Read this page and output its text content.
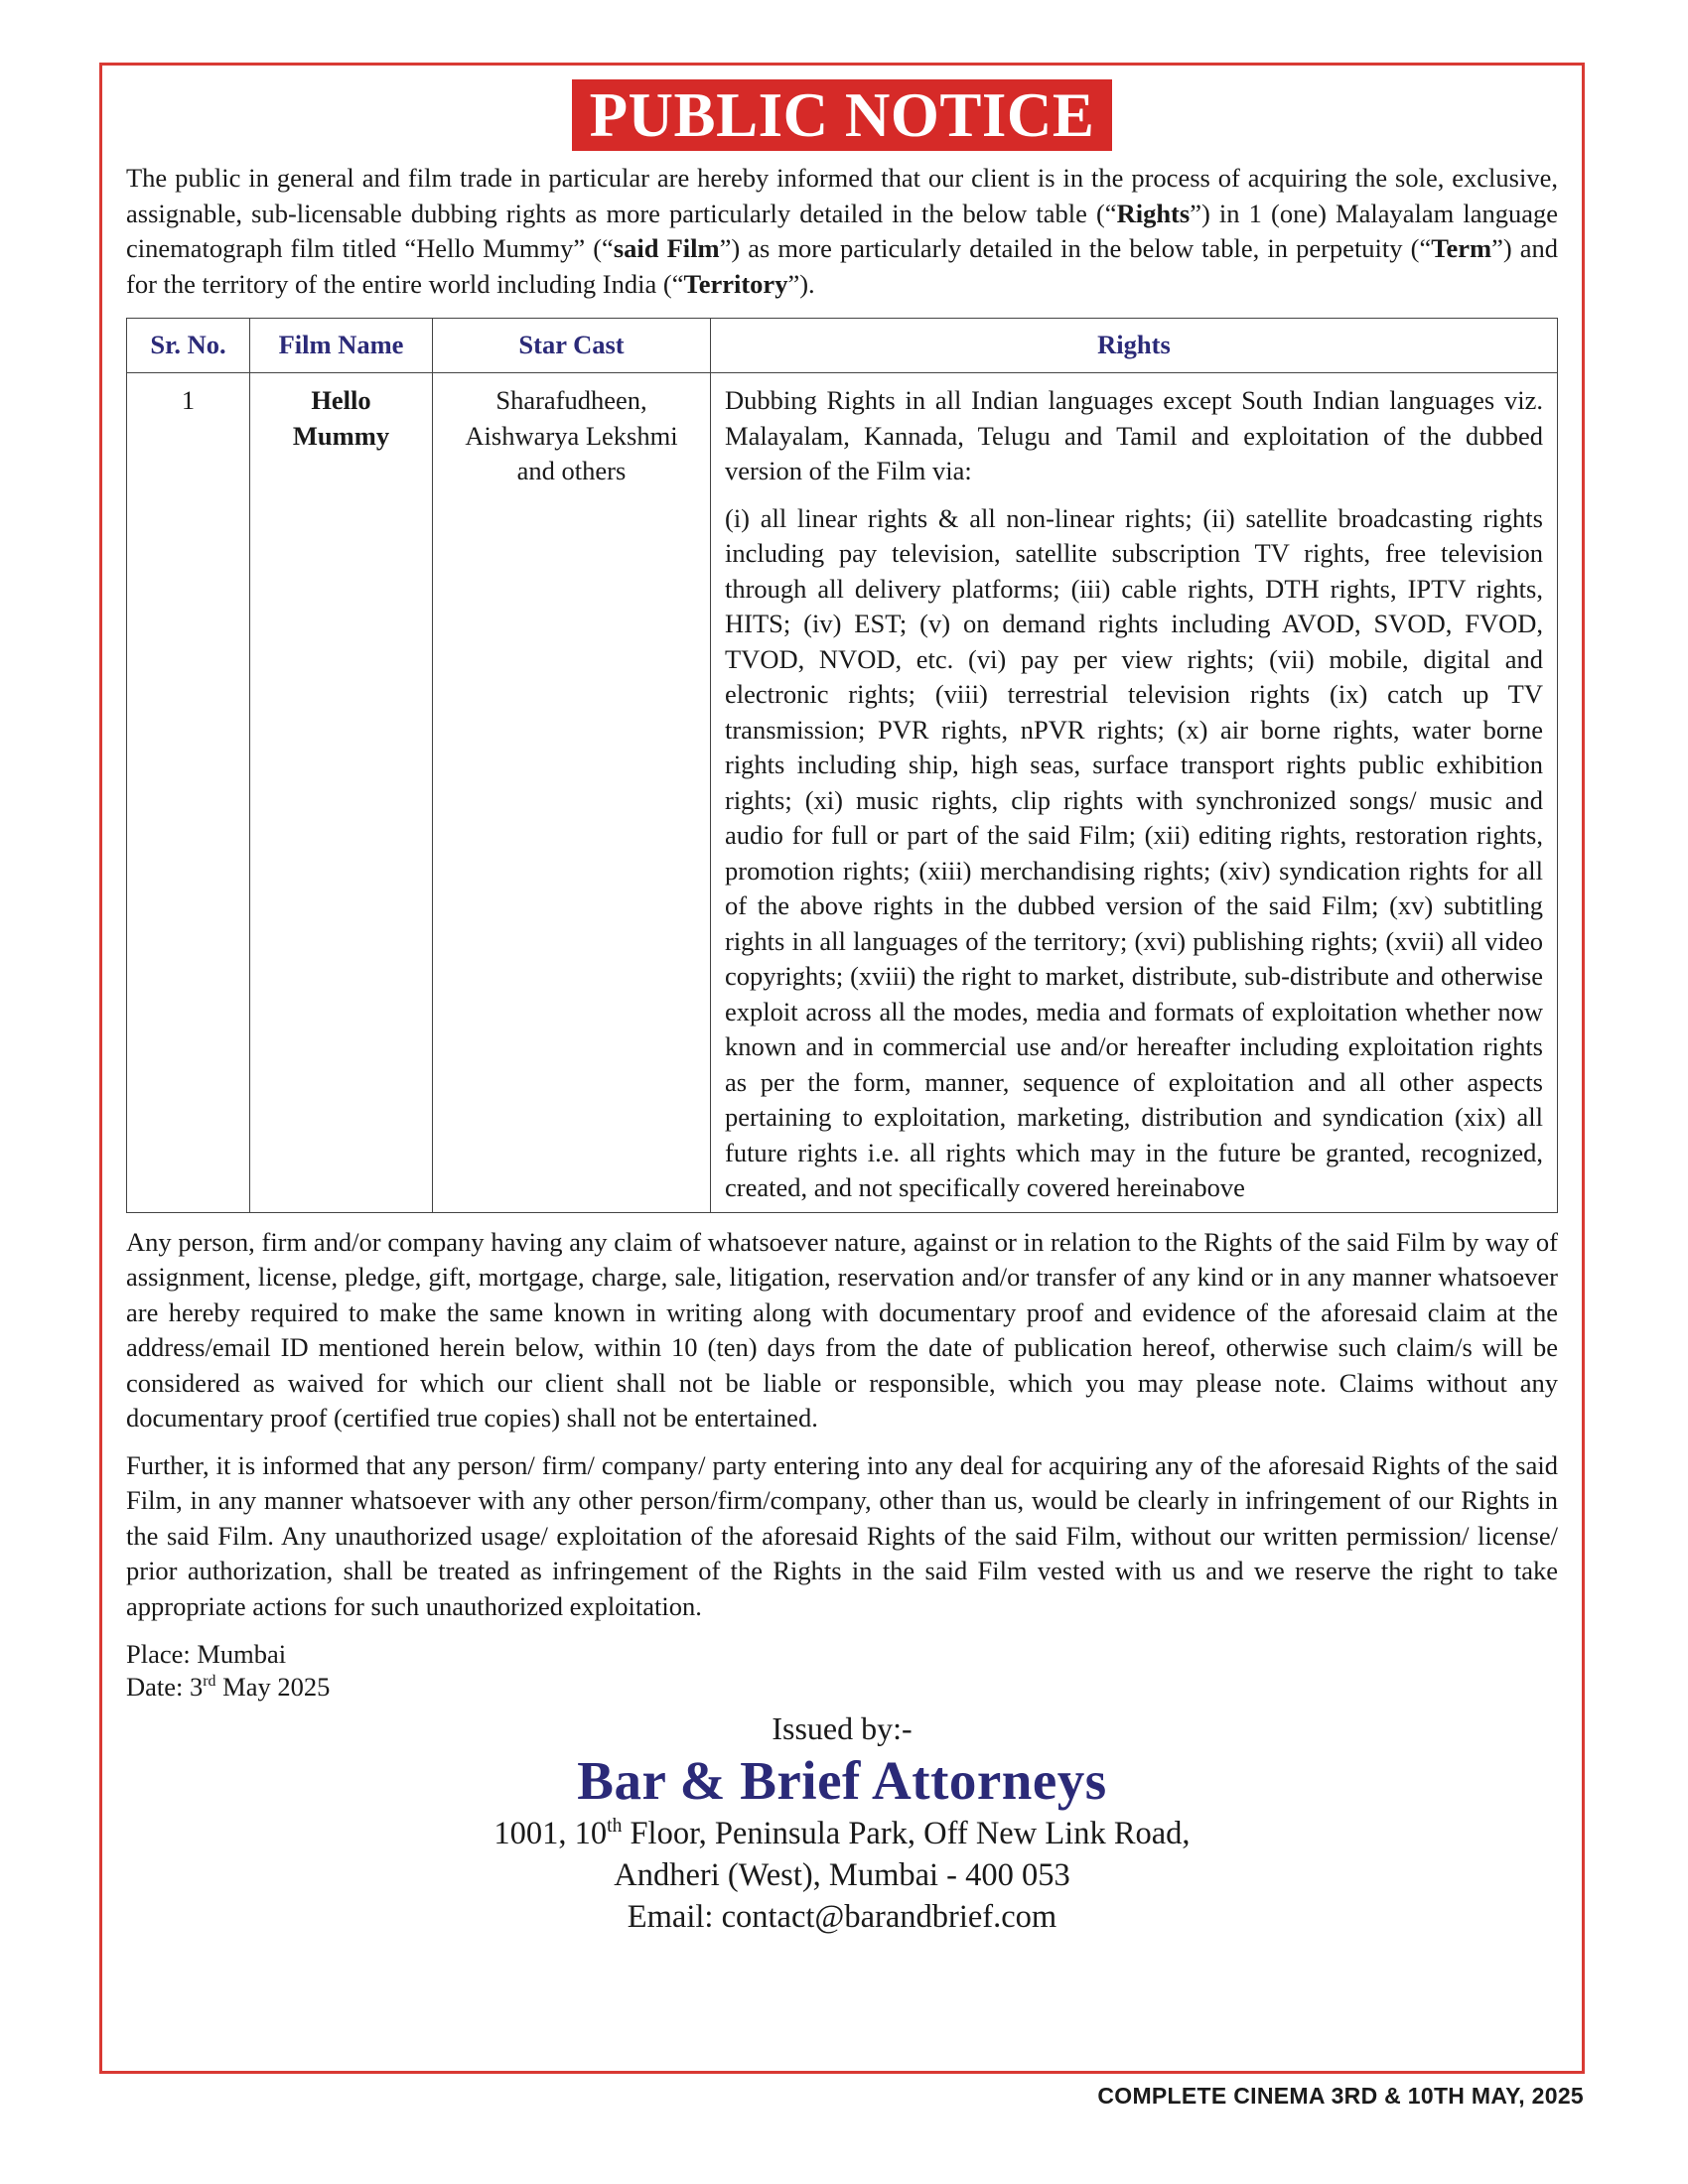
PUBLIC NOTICE

The public in general and film trade in particular are hereby informed that our client is in the process of acquiring the sole, exclusive, assignable, sub-licensable dubbing rights as more particularly detailed in the below table (“Rights”) in 1 (one) Malayalam language cinematograph film titled “Hello Mummy” (“said Film”) as more particularly detailed in the below table, in perpetuity (“Term”) and for the territory of the entire world including India (“Territory”).

Sr. No.	Film Name	Star Cast	Rights
1	Hello Mummy	Sharafudheen, Aishwarya Lekshmi and others	Dubbing Rights in all Indian languages except South Indian languages viz. Malayalam, Kannada, Telugu and Tamil and exploitation of the dubbed version of the Film via:
(i) all linear rights & all non-linear rights; (ii) satellite broadcasting rights including pay television, satellite subscription TV rights, free television through all delivery platforms; (iii) cable rights, DTH rights, IPTV rights, HITS; (iv) EST; (v) on demand rights including AVOD, SVOD, FVOD, TVOD, NVOD, etc. (vi) pay per view rights; (vii) mobile, digital and electronic rights; (viii) terrestrial television rights (ix) catch up TV transmission; PVR rights, nPVR rights; (x) air borne rights, water borne rights including ship, high seas, surface transport rights public exhibition rights; (xi) music rights, clip rights with synchronized songs/ music and audio for full or part of the said Film; (xii) editing rights, restoration rights, promotion rights; (xiii) merchandising rights; (xiv) syndication rights for all of the above rights in the dubbed version of the said Film; (xv) subtitling rights in all languages of the territory; (xvi) publishing rights; (xvii) all video copyrights; (xviii) the right to market, distribute, sub-distribute and otherwise exploit across all the modes, media and formats of exploitation whether now known and in commercial use and/or hereafter including exploitation rights as per the form, manner, sequence of exploitation and all other aspects pertaining to exploitation, marketing, distribution and syndication (xix) all future rights i.e. all rights which may in the future be granted, recognized, created, and not specifically covered hereinabove

Any person, firm and/or company having any claim of whatsoever nature, against or in relation to the Rights of the said Film by way of assignment, license, pledge, gift, mortgage, charge, sale, litigation, reservation and/or transfer of any kind or in any manner whatsoever are hereby required to make the same known in writing along with documentary proof and evidence of the aforesaid claim at the address/email ID mentioned herein below, within 10 (ten) days from the date of publication hereof, otherwise such claim/s will be considered as waived for which our client shall not be liable or responsible, which you may please note. Claims without any documentary proof (certified true copies) shall not be entertained.

Further, it is informed that any person/ firm/ company/ party entering into any deal for acquiring any of the aforesaid Rights of the said Film, in any manner whatsoever with any other person/firm/company, other than us, would be clearly in infringement of our Rights in the said Film. Any unauthorized usage/ exploitation of the aforesaid Rights of the said Film, without our written permission/ license/ prior authorization, shall be treated as infringement of the Rights in the said Film vested with us and we reserve the right to take appropriate actions for such unauthorized exploitation.

Place: Mumbai
Date: 3rd May 2025
Issued by:-
Bar & Brief Attorneys
1001, 10th Floor, Peninsula Park, Off New Link Road,
Andheri (West), Mumbai - 400 053
Email: contact@barandbrief.com
COMPLETE CINEMA 3RD & 10TH MAY, 2025
